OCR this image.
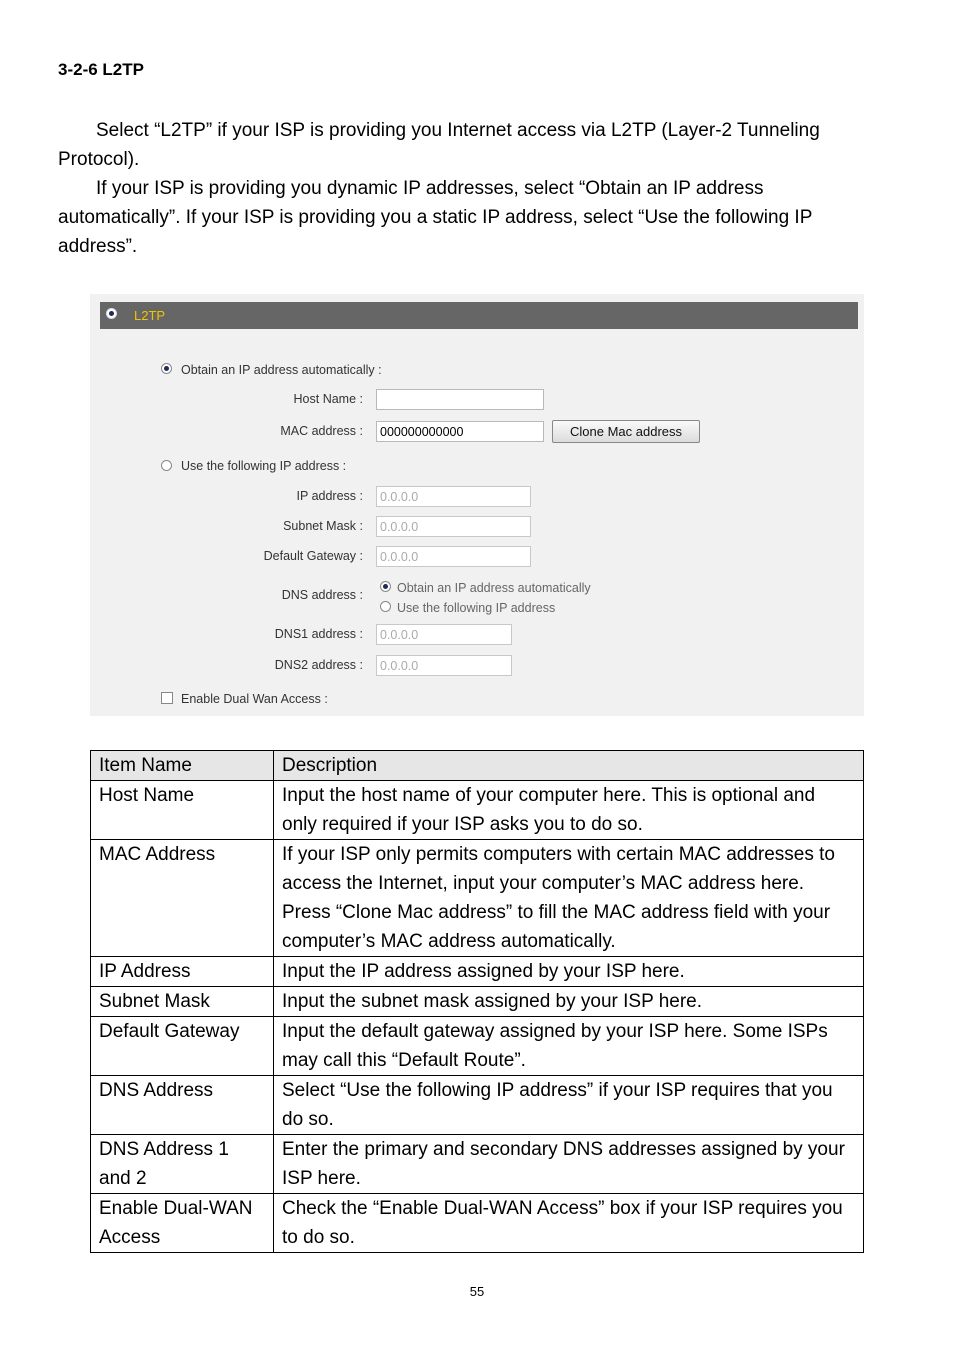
3-2-6 L2TP
Select “L2TP” if your ISP is providing you Internet access via L2TP (Layer-2 Tunneling Protocol).
If your ISP is providing you dynamic IP addresses, select “Obtain an IP address automatically”. If your ISP is providing you a static IP address, select “Use the following IP address”.
L2TP
Obtain an IP address automatically :
Host Name :
MAC address :
000000000000	Clone Mac address
Use the following IP address :
IP address :
0.0.0.0
Subnet Mask :
0.0.0.0
Default Gateway :
0.0.0.0
DNS address :	Obtain an IP address automatically
Use the following IP address
DNS1 address :
0.0.0.0
DNS2 address :
0.0.0.0
Enable Dual Wan Access :
Item Name	Description
Host Name	Input the host name of your computer here. This is optional and only required if your ISP asks you to do so.
MAC Address	If your ISP only permits computers with certain MAC addresses to access the Internet, input your computer’s MAC address here. Press “Clone Mac address” to fill the MAC address field with your computer’s MAC address automatically.
IP Address	Input the IP address assigned by your ISP here.
Subnet Mask	Input the subnet mask assigned by your ISP here.
Default Gateway	Input the default gateway assigned by your ISP here. Some ISPs may call this “Default Route”.
DNS Address	Select “Use the following IP address” if your ISP requires that you do so.
DNS Address 1 and 2	Enter the primary and secondary DNS addresses assigned by your ISP here.
Enable Dual-WAN Access	Check the “Enable Dual-WAN Access” box if your ISP requires you to do so.
55
